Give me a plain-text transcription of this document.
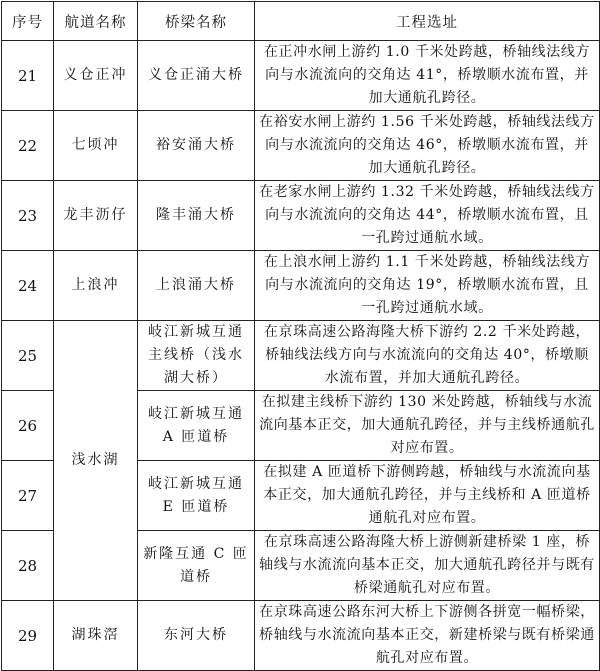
序号	航道名称	桥梁名称	工程选址
21	义仓正冲	义仓正涌大桥	在正冲水闸上游约 1.0 千米处跨越，桥轴线法线方向与水流流向的交角达 41°，桥墩顺水流布置，并加大通航孔跨径。
22	七顷冲	裕安涌大桥	在裕安水闸上游约 1.56 千米处跨越，桥轴线法线方向与水流流向的交角达 46°，桥墩顺水流布置，并加大通航孔跨径。
23	龙丰沥仔	隆丰涌大桥	在老家水闸上游约 1.32 千米处跨越，桥轴线法线方向与水流流向的交角达 44°，桥墩顺水流布置，且一孔跨过通航水域。
24	上浪冲	上浪涌大桥	在上浪水闸上游约 1.1 千米处跨越，桥轴线法线方向与水流流向的交角达 19°，桥墩顺水流布置，且一孔跨过通航水域。
25	浅水湖	岐江新城互通主线桥（浅水湖大桥）	在京珠高速公路海隆大桥下游约 2.2 千米处跨越，桥轴线法线方向与水流流向的交角达 40°，桥墩顺水流布置，并加大通航孔跨径。
26		岐江新城互通 A 匝道桥	在拟建主线桥下游约 130 米处跨越，桥轴线与水流流向基本正交，加大通航孔跨径，并与主线桥通航孔对应布置。
27		岐江新城互通 E 匝道桥	在拟建 A 匝道桥下游侧跨越，桥轴线与水流流向基本正交，加大通航孔跨径，并与主线桥和 A 匝道桥通航孔对应布置。
28		新隆互通 C 匝道桥	在京珠高速公路海隆大桥上游侧新建桥梁 1 座，桥轴线与水流流向基本正交，加大通航孔跨径并与既有桥梁通航孔对应布置。
29	湖珠滘	东河大桥	在京珠高速公路东河大桥上下游侧各拼宽一幅桥梁，桥轴线与水流流向基本正交，新建桥梁与既有桥梁通航孔对应布置。
